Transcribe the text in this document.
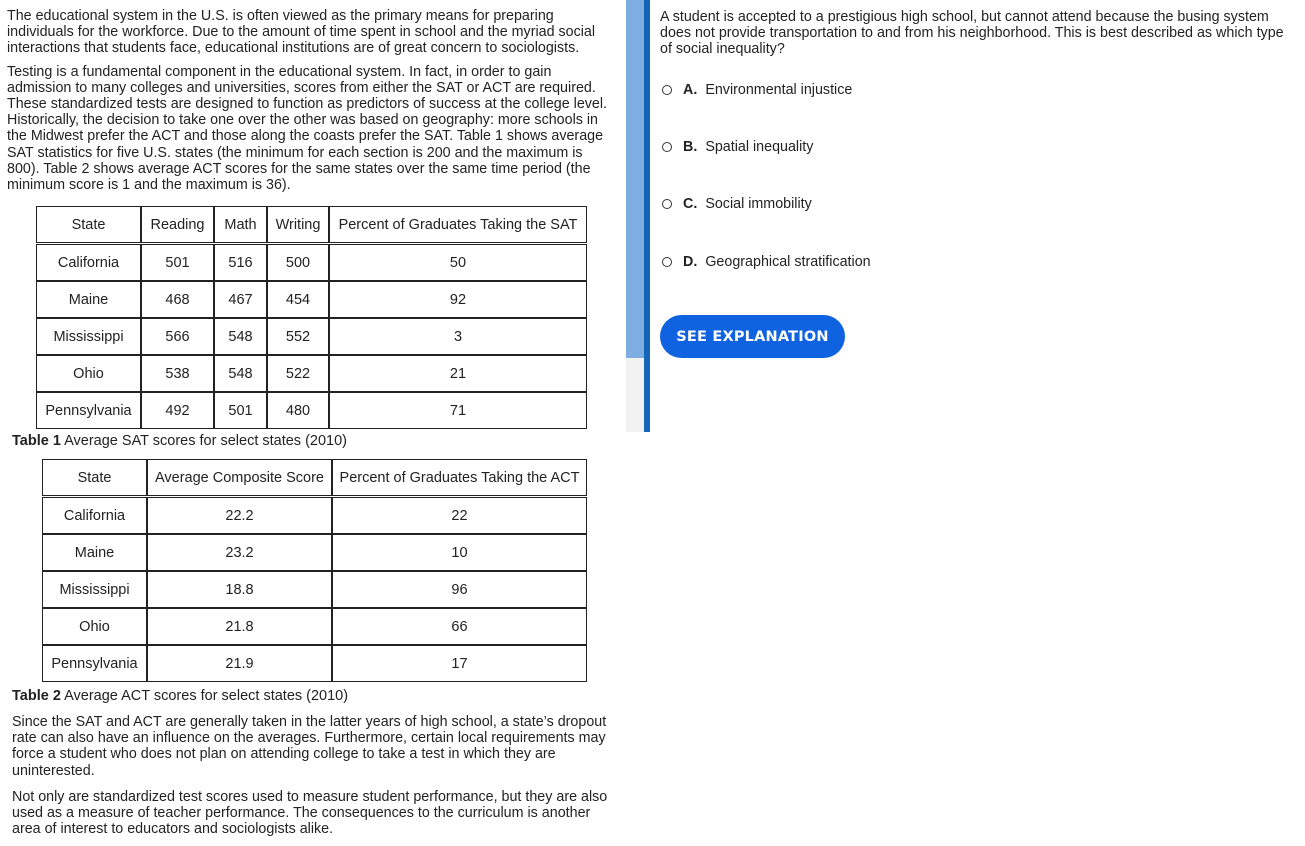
The educational system in the U.S. is often viewed as the primary means for preparing individuals for the workforce. Due to the amount of time spent in school and the myriad social interactions that students face, educational institutions are of great concern to sociologists.

Testing is a fundamental component in the educational system. In fact, in order to gain admission to many colleges and universities, scores from either the SAT or ACT are required. These standardized tests are designed to function as predictors of success at the college level. Historically, the decision to take one over the other was based on geography: more schools in the Midwest prefer the ACT and those along the coasts prefer the SAT. Table 1 shows average SAT statistics for five U.S. states (the minimum for each section is 200 and the maximum is 800). Table 2 shows average ACT scores for the same states over the same time period (the minimum score is 1 and the maximum is 36).

State	Reading	Math	Writing	Percent of Graduates Taking the SAT

California	501	516	500	50
Maine	468	467	454	92
Mississippi	566	548	552	3
Ohio	538	548	522	21
Pennsylvania	492	501	480	71
Table 1 Average SAT scores for select states (2010)
State	Average Composite Score	Percent of Graduates Taking the ACT

California	22.2	22
Maine	23.2	10
Mississippi	18.8	96
Ohio	21.8	66
Pennsylvania	21.9	17
Table 2 Average ACT scores for select states (2010)

Since the SAT and ACT are generally taken in the latter years of high school, a state’s dropout rate can also have an influence on the averages. Furthermore, certain local requirements may force a student who does not plan on attending college to take a test in which they are uninterested.

Not only are standardized test scores used to measure student performance, but they are also used as a measure of teacher performance. The consequences to the curriculum is another area of interest to educators and sociologists alike.

A student is accepted to a prestigious high school, but cannot attend because the busing system does not provide transportation to and from his neighborhood. This is best described as which type of social inequality?

A. Environmental injustice
B. Spatial inequality
C. Social immobility
D. Geographical stratification
SEE EXPLANATION
